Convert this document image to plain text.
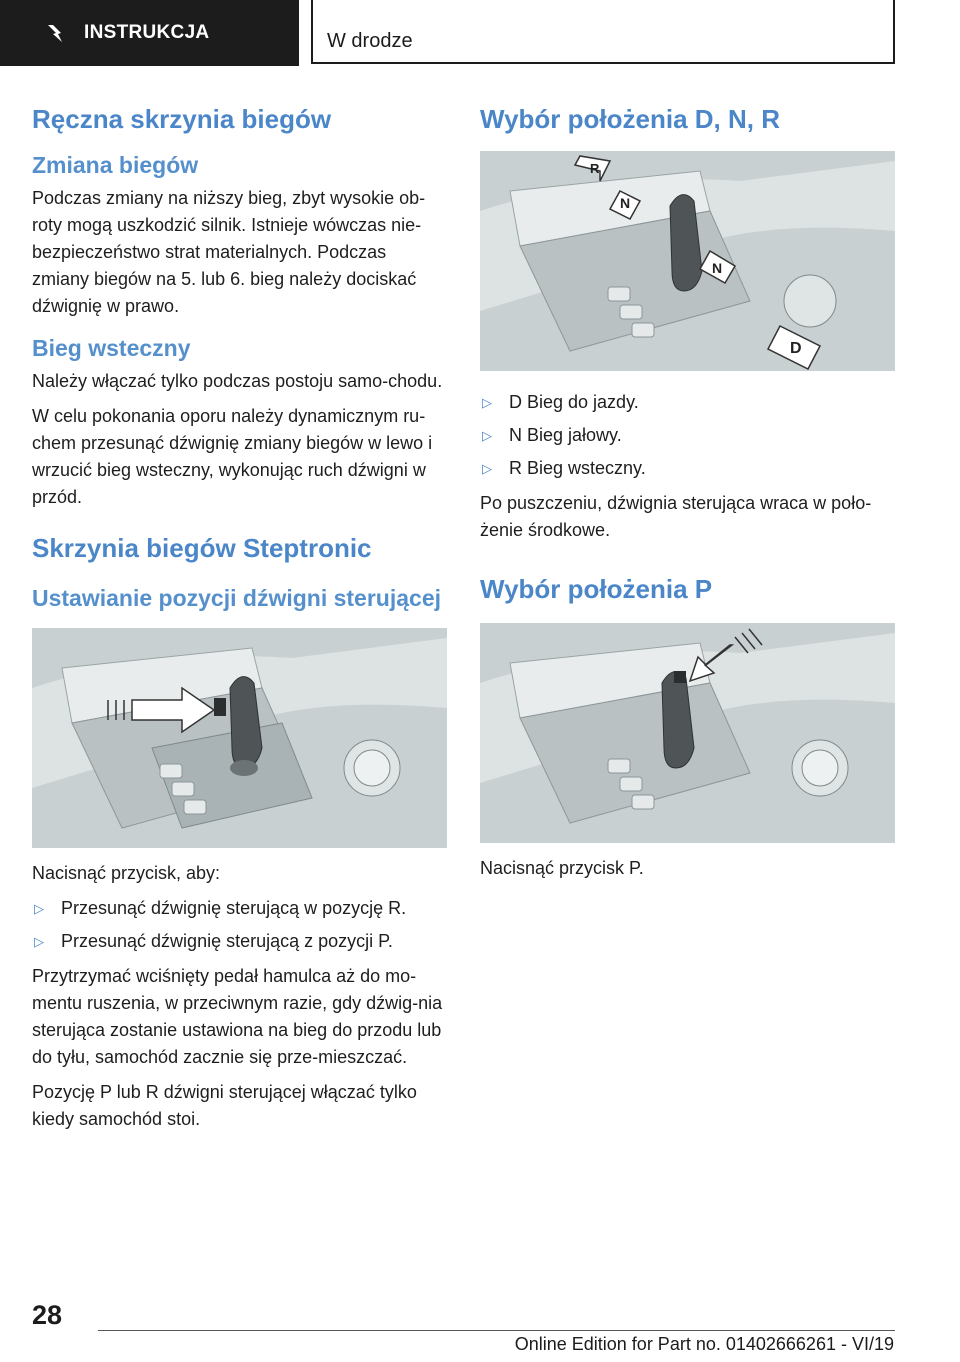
INSTRUKCJA	W drodze
Ręczna skrzynia biegów
Zmiana biegów

Podczas zmiany na niższy bieg, zbyt wysokie ob-roty mogą uszkodzić silnik. Istnieje wówczas nie-bezpieczeństwo strat materialnych. Podczas zmiany biegów na 5. lub 6. bieg należy dociskać dźwignię w prawo.

Bieg wsteczny

Należy włączać tylko podczas postoju samo-chodu.

W celu pokonania oporu należy dynamicznym ru-chem przesunąć dźwignię zmiany biegów w lewo i wrzucić bieg wsteczny, wykonując ruch dźwigni w przód.

Skrzynia biegów Steptronic
Ustawianie pozycji dźwigni sterującej

Nacisnąć przycisk, aby:

▷ Przesunąć dźwignię sterującą w pozycję R.
▷ Przesunąć dźwignię sterującą z pozycji P.

Przytrzymać wciśnięty pedał hamulca aż do mo-mentu ruszenia, w przeciwnym razie, gdy dźwig-nia sterująca zostanie ustawiona na bieg do przodu lub do tyłu, samochód zacznie się prze-mieszczać.

Pozycję P lub R dźwigni sterującej włączać tylko kiedy samochód stoi.

Wybór położenia D, N, R
R
N
N
D
▷ D Bieg do jazdy.
▷ N Bieg jałowy.
▷ R Bieg wsteczny.

Po puszczeniu, dźwignia sterująca wraca w poło-żenie środkowe.

Wybór położenia P

Nacisnąć przycisk P.

28
Online Edition for Part no. 01402666261 - VI/19
